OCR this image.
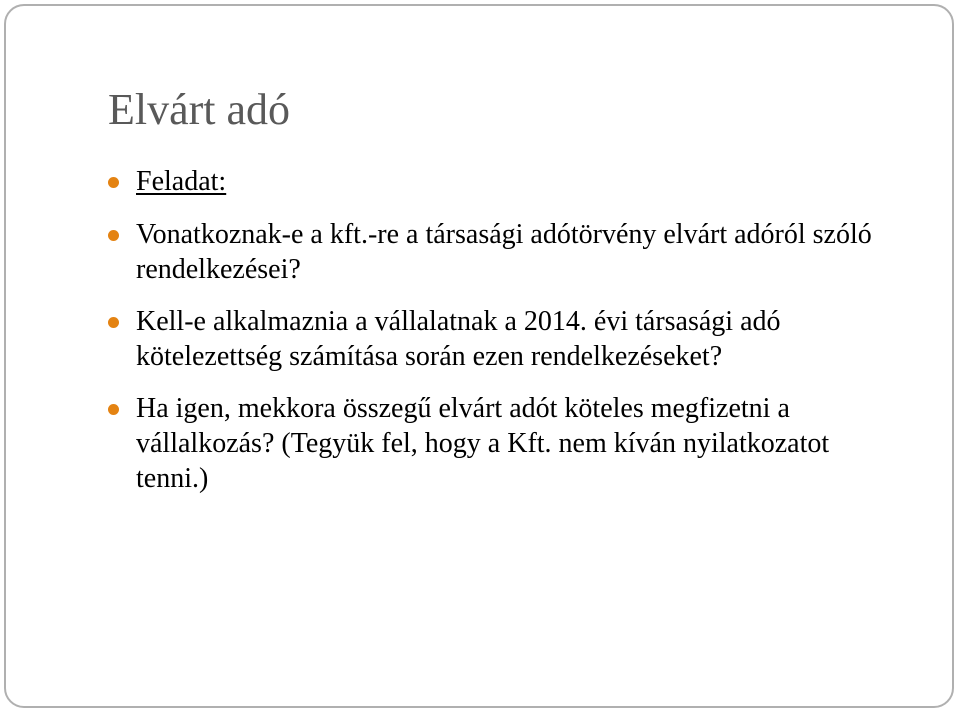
Elvárt adó
Feladat:
Vonatkoznak-e a kft.-re a társasági adótörvény elvárt adóról szóló rendelkezései?
Kell-e alkalmaznia a vállalatnak a 2014. évi társasági adó kötelezettség számítása során ezen rendelkezéseket?
Ha igen, mekkora összegű elvárt adót köteles megfizetni a vállalkozás? (Tegyük fel, hogy a Kft. nem kíván nyilatkozatot tenni.)
